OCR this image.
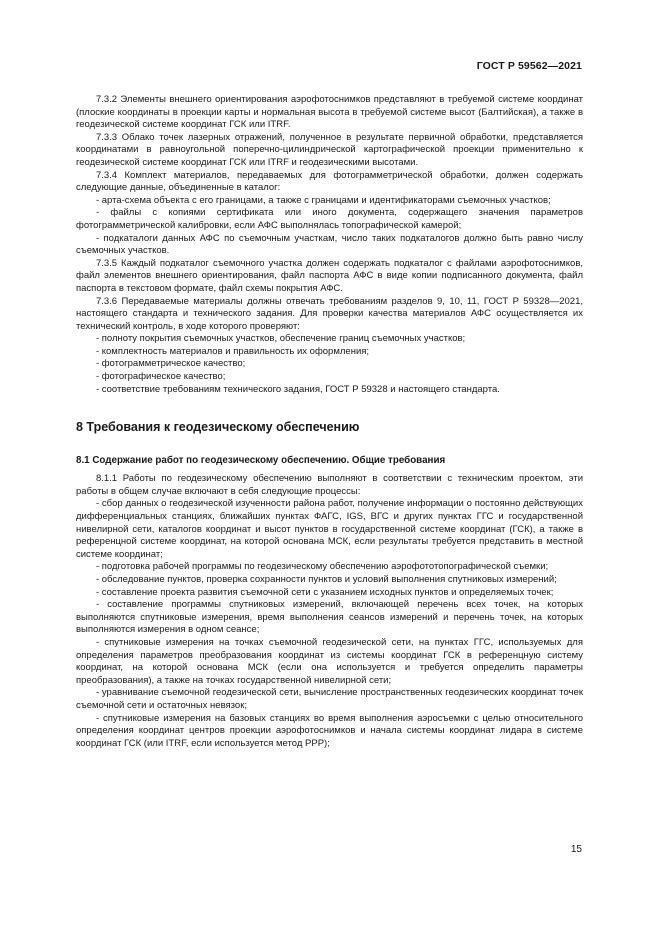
ГОСТ Р 59562—2021

7.3.2 Элементы внешнего ориентирования аэрофотоснимков представляют в требуемой системе координат (плоские координаты в проекции карты и нормальная высота в требуемой системе высот (Балтийская), а также в геодезической системе координат ГСК или ITRF.

7.3.3 Облако точек лазерных отражений, полученное в результате первичной обработки, представляется координатами в равноугольной поперечно-цилиндрической картографической проекции применительно к геодезической системе координат ГСК или ITRF и геодезическими высотами.

7.3.4 Комплект материалов, передаваемых для фотограмметрической обработки, должен содержать следующие данные, объединенные в каталог:

- арта-схема объекта с его границами, а также с границами и идентификаторами съемочных участков;

- файлы с копиями сертификата или иного документа, содержащего значения параметров фотограмметрической калибровки, если АФС выполнялась топографической камерой;

- подкаталоги данных АФС по съемочным участкам, число таких подкаталогов должно быть равно числу съемочных участков.

7.3.5 Каждый подкаталог съемочного участка должен содержать подкаталог с файлами аэрофотоснимков, файл элементов внешнего ориентирования, файл паспорта АФС в виде копии подписанного документа, файл паспорта в текстовом формате, файл схемы покрытия АФС.

7.3.6 Передаваемые материалы должны отвечать требованиям разделов 9, 10, 11, ГОСТ Р 59328—2021, настоящего стандарта и технического задания. Для проверки качества материалов АФС осуществляется их технический контроль, в ходе которого проверяют:

- полноту покрытия съемочных участков, обеспечение границ съемочных участков;

- комплектность материалов и правильность их оформления;

- фотограмметрическое качество;

- фотографическое качество;

- соответствие требованиям технического задания, ГОСТ Р 59328 и настоящего стандарта.

8 Требования к геодезическому обеспечению
8.1 Содержание работ по геодезическому обеспечению. Общие требования

8.1.1 Работы по геодезическому обеспечению выполняют в соответствии с техническим проектом, эти работы в общем случае включают в себя следующие процессы:

- сбор данных о геодезической изученности района работ, получение информации о постоянно действующих дифференциальных станциях, ближайших пунктах ФАГС, IGS, ВГС и других пунктах ГГС и государственной нивелирной сети, каталогов координат и высот пунктов в государственной системе координат (ГСК), а также в референцной системе координат, на которой основана МСК, если результаты требуется представить в местной системе координат;

- подготовка рабочей программы по геодезическому обеспечению аэрофототопографической съемки;

- обследование пунктов, проверка сохранности пунктов и условий выполнения спутниковых измерений;

- составление проекта развития съемочной сети с указанием исходных пунктов и определяемых точек;

- составление программы спутниковых измерений, включающей перечень всех точек, на которых выполняются спутниковые измерения, время выполнения сеансов измерений и перечень точек, на которых выполняются измерения в одном сеансе;

- спутниковые измерения на точках съемочной геодезической сети, на пунктах ГГС, используемых для определения параметров преобразования координат из системы координат ГСК в референцную систему координат, на которой основана МСК (если она используется и требуется определить параметры преобразования), а также на точках государственной нивелирной сети;

- уравнивание съемочной геодезической сети, вычисление пространственных геодезических координат точек съемочной сети и остаточных невязок;

- спутниковые измерения на базовых станциях во время выполнения аэросъемки с целью относительного определения координат центров проекции аэрофотоснимков и начала системы координат лидара в системе координат ГСК (или ITRF, если используется метод PPP);

15
